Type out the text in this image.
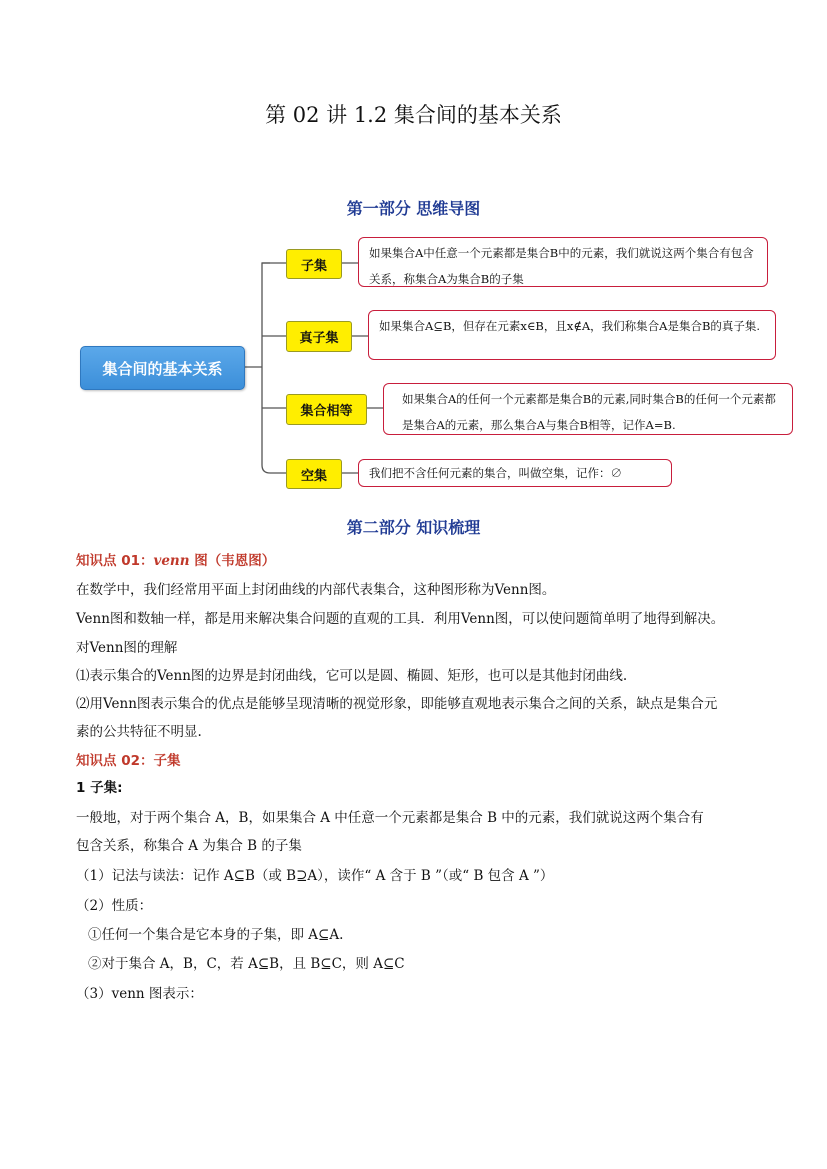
第 02 讲 1.2 集合间的基本关系
第一部分 思维导图
集合间的基本关系
子集
如果集合A中任意一个元素都是集合B中的元素，我们就说这两个集合有包含关系，称集合A为集合B的子集
真子集
如果集合A⊆B，但存在元素x∈B，且x∉A，我们称集合A是集合B的真子集.
集合相等
如果集合A的任何一个元素都是集合B的元素,同时集合B的任何一个元素都是集合A的元素，那么集合A与集合B相等，记作A=B.
空集	我们把不含任何元素的集合，叫做空集，记作：∅
第二部分 知识梳理
知识点 01：venn 图（韦恩图）
在数学中，我们经常用平面上封闭曲线的内部代表集合，这种图形称为Venn图。
Venn图和数轴一样，都是用来解决集合问题的直观的工具．利用Venn图，可以使问题简单明了地得到解决。
对Venn图的理解
⑴表示集合的Venn图的边界是封闭曲线，它可以是圆、椭圆、矩形，也可以是其他封闭曲线.
⑵用Venn图表示集合的优点是能够呈现清晰的视觉形象，即能够直观地表示集合之间的关系，缺点是集合元
素的公共特征不明显.
知识点 02：子集
1 子集:
一般地，对于两个集合 A，B，如果集合 A 中任意一个元素都是集合 B 中的元素，我们就说这两个集合有
包含关系，称集合 A 为集合 B 的子集
（1）记法与读法：记作 A⊆B（或 B⊇A），读作“ A 含于 B ”（或“ B 包含 A ”）
（2）性质：
①任何一个集合是它本身的子集，即 A⊆A.
②对于集合 A，B，C，若 A⊆B，且 B⊆C，则 A⊆C
（3）venn 图表示：
